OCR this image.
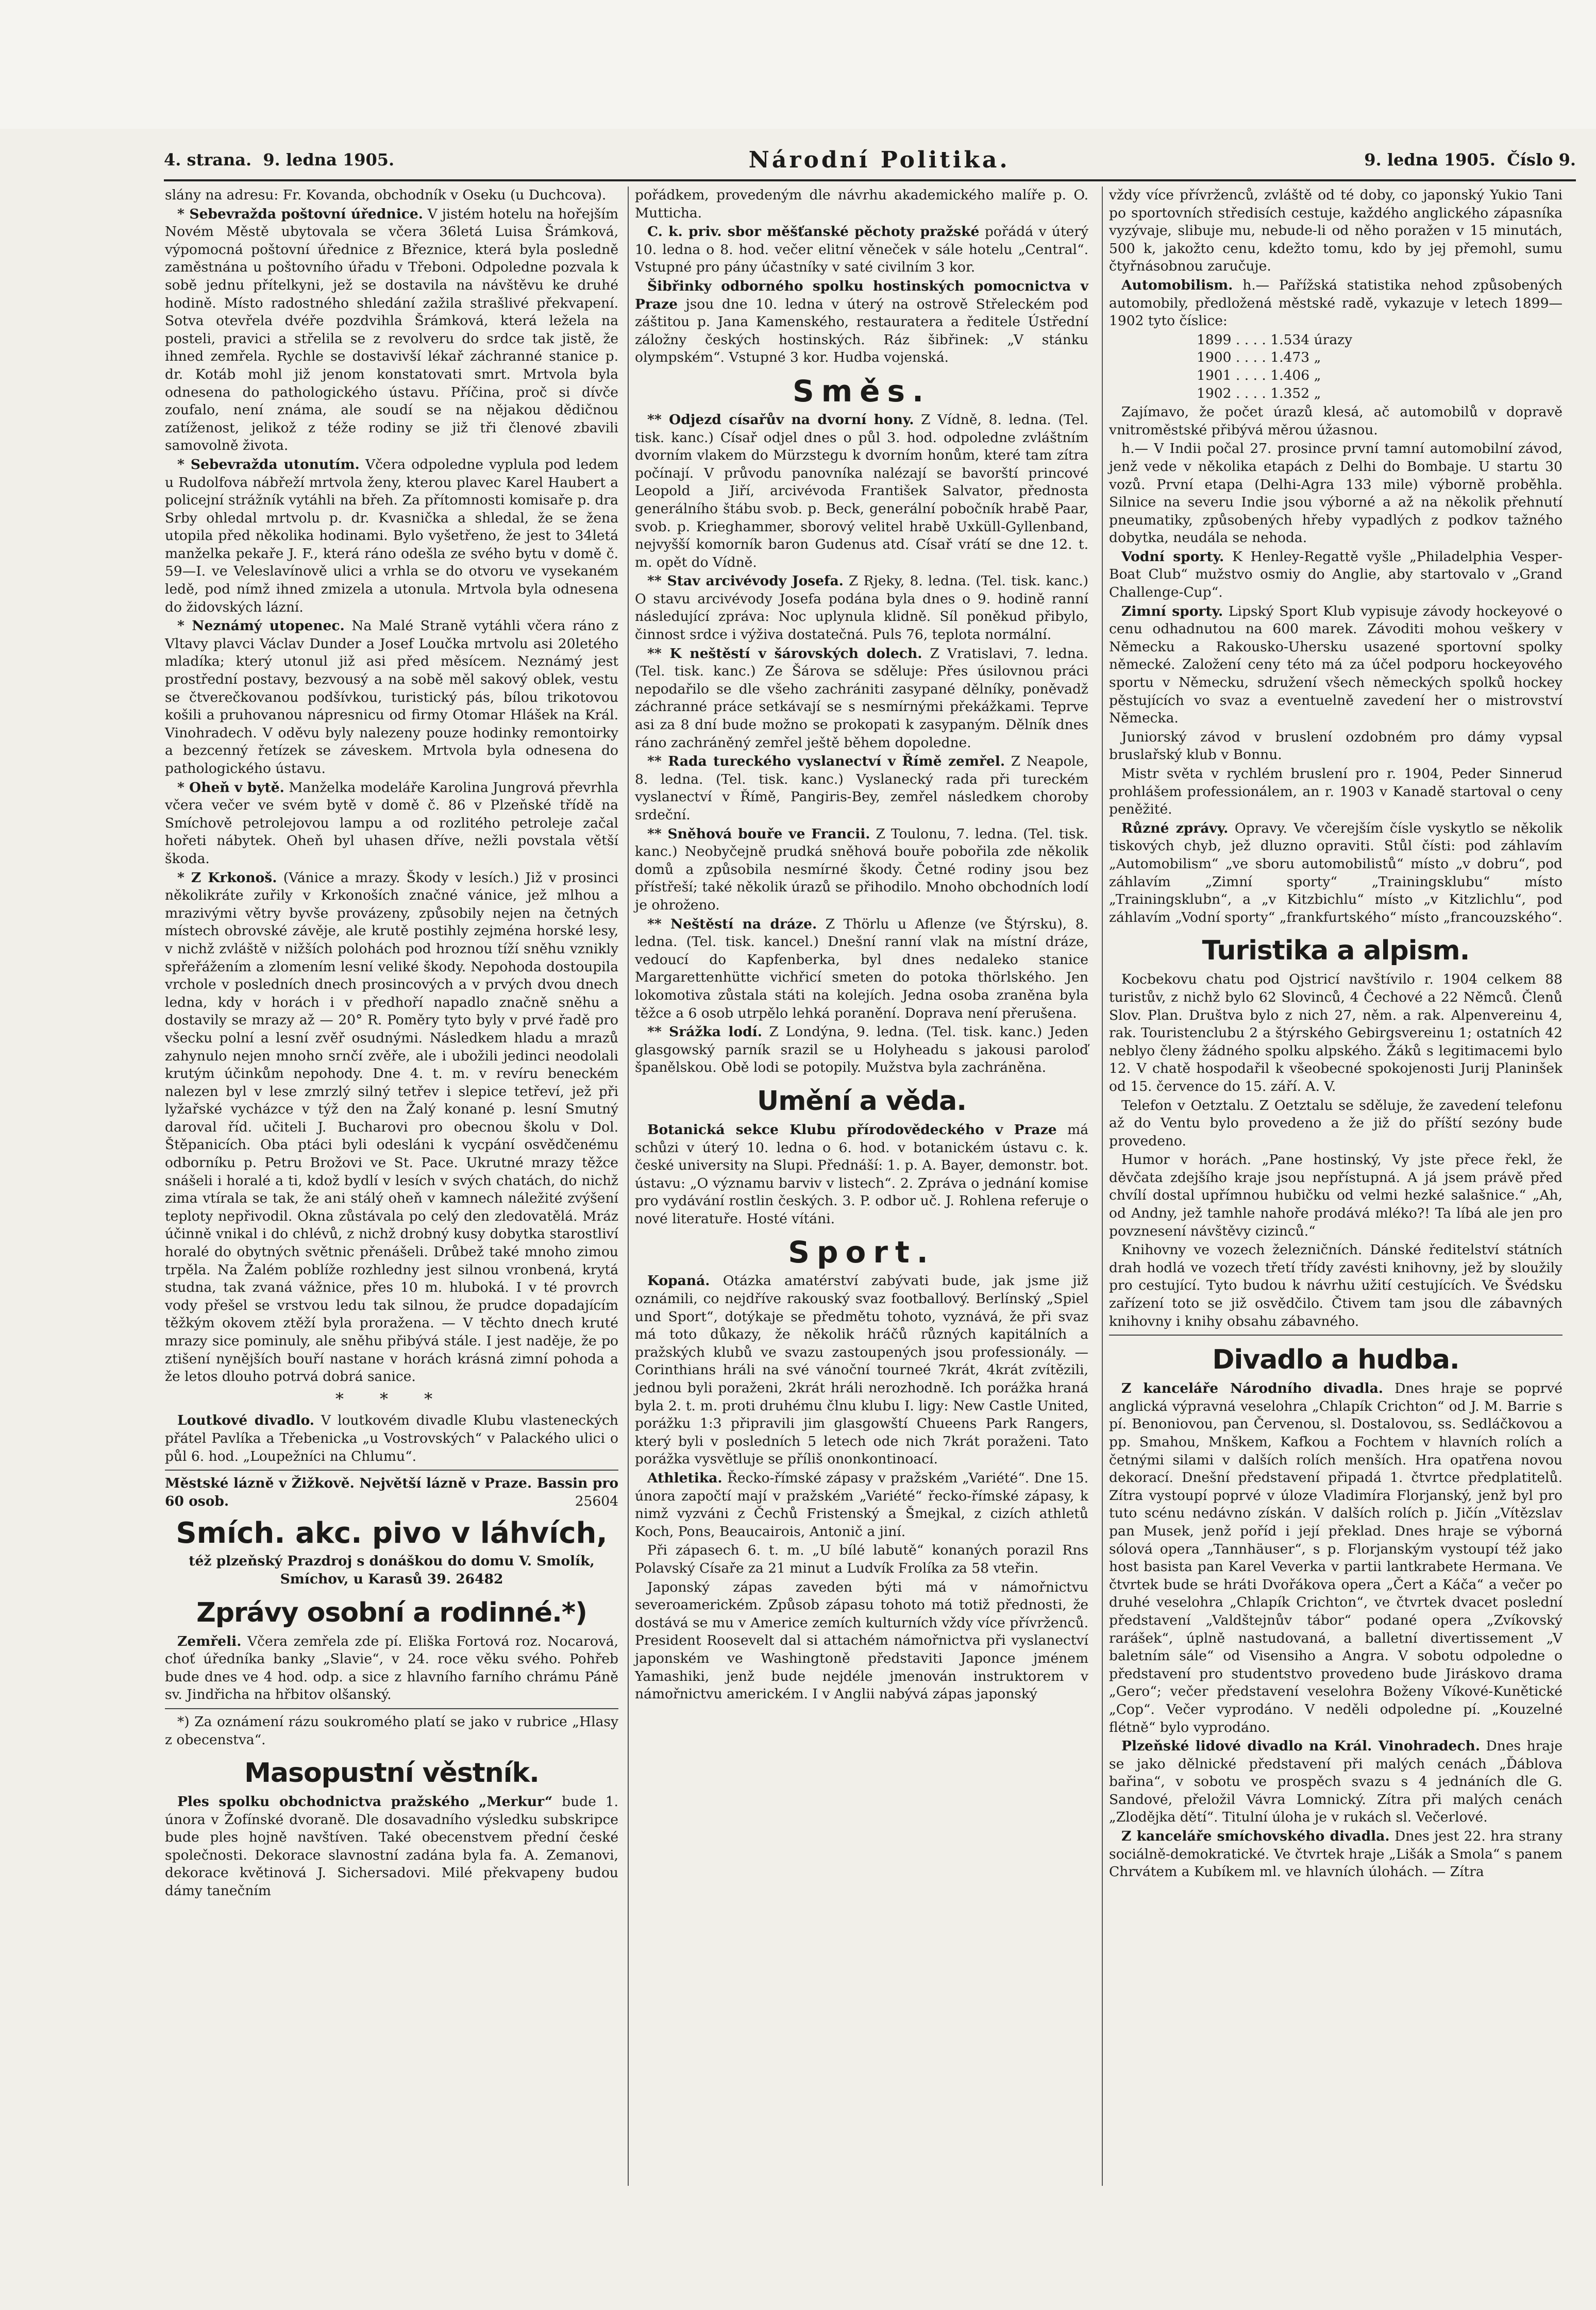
4. strana. 9. ledna 1905.	Národní Politika.	9. ledna 1905. Číslo 9.

slány na adresu: Fr. Kovanda, obchodník v Oseku (u Duchcova).

* Sebevražda poštovní úřednice. V jistém hotelu na hořejším Novém Městě ubytovala se včera 36letá Luisa Šrámková, výpomocná poštovní úřednice z Březnice, která byla posledně zaměstnána u poštovního úřadu v Třeboni. Odpoledne pozvala k sobě jednu přítelkyni, jež se dostavila na návštěvu ke druhé hodině. Místo radostného shledání zažila strašlivé překvapení. Sotva otevřela dvéře pozdvihla Šrámková, která ležela na posteli, pravici a střelila se z revolveru do srdce tak jistě, že ihned zemřela. Rychle se dostavivší lékař záchranné stanice p. dr. Kotáb mohl již jenom konstatovati smrt. Mrtvola byla odnesena do pathologického ústavu. Příčina, proč si dívče zoufalo, není známa, ale soudí se na nějakou dědičnou zatíženost, jelikož z téže rodiny se již tři členové zbavili samovolně života.

* Sebevražda utonutím. Včera odpoledne vyplula pod ledem u Rudolfova nábřeží mrtvola ženy, kterou plavec Karel Haubert a policejní strážník vytáhli na břeh. Za přítomnosti komisaře p. dra Srby ohledal mrtvolu p. dr. Kvasnička a shledal, že se žena utopila před několika hodinami. Bylo vyšetřeno, že jest to 34letá manželka pekaře J. F., která ráno odešla ze svého bytu v domě č. 59—I. ve Veleslavínově ulici a vrhla se do otvoru ve vysekaném ledě, pod nímž ihned zmizela a utonula. Mrtvola byla odnesena do židovských lázní.

* Neznámý utopenec. Na Malé Straně vytáhli včera ráno z Vltavy plavci Václav Dunder a Josef Loučka mrtvolu asi 20letého mladíka; který utonul již asi před měsícem. Neznámý jest prostřední postavy, bezvousý a na sobě měl sakový oblek, vestu se čtverečkovanou podšívkou, turistický pás, bílou trikotovou košili a pruhovanou nápresnicu od firmy Otomar Hlášek na Král. Vinohradech. V oděvu byly nalezeny pouze hodinky remontoirky a bezcenný řetízek se záveskem. Mrtvola byla odnesena do pathologického ústavu.

* Oheň v bytě. Manželka modeláře Karolina Jungrová převrhla včera večer ve svém bytě v domě č. 86 v Plzeňské třídě na Smíchově petrolejovou lampu a od rozlitého petroleje začal hořeti nábytek. Oheň byl uhasen dříve, nežli povstala větší škoda.

* Z Krkonoš. (Vánice a mrazy. Škody v lesích.) Již v prosinci několikráte zuřily v Krkonoších značné vánice, jež mlhou a mrazivými větry byvše provázeny, způsobily nejen na četných místech obrovské závěje, ale krutě postihly zejména horské lesy, v nichž zvláště v nižších polohách pod hroznou tíží sněhu vznikly spřeřážením a zlomením lesní veliké škody. Nepohoda dostoupila vrchole v posledních dnech prosincových a v prvých dvou dnech ledna, kdy v horách i v předhoří napadlo značně sněhu a dostavily se mrazy až — 20° R. Poměry tyto byly v prvé řadě pro všecku polní a lesní zvěř osudnými. Následkem hladu a mrazů zahynulo nejen mnoho srnčí zvěře, ale i ubožili jedinci neodolali krutým účinkům nepohody. Dne 4. t. m. v revíru beneckém nalezen byl v lese zmrzlý silný tetřev i slepice tetřeví, jež při lyžařské vycházce v týž den na Žalý konané p. lesní Smutný daroval říd. učiteli J. Bucharovi pro obecnou školu v Dol. Štěpanicích. Oba ptáci byli odesláni k vycpání osvědčenému odborníku p. Petru Brožovi ve St. Pace. Ukrutné mrazy těžce snášeli i horalé a ti, kdož bydlí v lesích v svých chatách, do nichž zima vtírala se tak, že ani stálý oheň v kamnech náležité zvýšení teploty nepřivodil. Okna zůstávala po celý den zledovatělá. Mráz účinně vnikal i do chlévů, z nichž drobný kusy dobytka starostliví horalé do obytných světnic přenášeli. Drůbež také mnoho zimou trpěla. Na Žalém poblíže rozhledny jest silnou vronbená, krytá studna, tak zvaná vážnice, přes 10 m. hluboká. I v té provrch vody přešel se vrstvou ledu tak silnou, že prudce dopadajícím těžkým okovem ztěží byla proražena. — V těchto dnech kruté mrazy sice pominuly, ale sněhu přibývá stále. I jest naděje, že po ztišení nynějších bouří nastane v horách krásná zimní pohoda a že letos dlouho potrvá dobrá sanice.

* * *

Loutkové divadlo. V loutkovém divadle Klubu vlasteneckých přátel Pavlíka a Třebenicka „u Vostrovských“ v Palackého ulici o půl 6. hod. „Loupežníci na Chlumu“.

Městské lázně v Žižkově. Největší lázně v Praze. Bassin pro 60 osob.	25604

Smích. akc. pivo v láhvích,

též plzeňský Prazdroj s donáškou do domu V. Smolík, Smíchov, u Karasů 39. 26482

Zprávy osobní a rodinné.*)

Zemřeli. Včera zemřela zde pí. Eliška Fortová roz. Nocarová, choť úředníka banky „Slavie“, v 24. roce věku svého. Pohřeb bude dnes ve 4 hod. odp. a sice z hlavního farního chrámu Páně sv. Jindřicha na hřbitov olšanský.

*) Za oznámení rázu soukromého platí se jako v rubrice „Hlasy z obecenstva“.

Masopustní věstník.

Ples spolku obchodnictva pražského „Merkur“ bude 1. února v Žofínské dvoraně. Dle dosavadního výsledku subskripce bude ples hojně navštíven. Také obecenstvem přední české společnosti. Dekorace slavnostní zadána byla fa. A. Zemanovi, dekorace květinová J. Sichersadovi. Milé překvapeny budou dámy tanečním

pořádkem, provedeným dle návrhu akademického malíře p. O. Mutticha.

C. k. priv. sbor měšťanské pěchoty pražské pořádá v úterý 10. ledna o 8. hod. večer elitní věneček v sále hotelu „Central“. Vstupné pro pány účastníky v saté civilním 3 kor.

Šibřinky odborného spolku hostinských pomocnictva v Praze jsou dne 10. ledna v úterý na ostrově Střeleckém pod záštitou p. Jana Kamenského, restauratera a ředitele Ústřední záložny českých hostinských. Ráz šibřinek: „V stánku olympském“. Vstupné 3 kor. Hudba vojenská.

Směs.

** Odjezd císařův na dvorní hony. Z Vídně, 8. ledna. (Tel. tisk. kanc.) Císař odjel dnes o půl 3. hod. odpoledne zvláštním dvorním vlakem do Mürzstegu k dvorním honům, které tam zítra počínají. V průvodu panovníka nalézají se bavorští princové Leopold a Jiří, arcivévoda František Salvator, přednosta generálního štábu svob. p. Beck, generální pobočník hrabě Paar, svob. p. Krieghammer, sborový velitel hrabě Uxküll-Gyllenband, nejvyšší komorník baron Gudenus atd. Císař vrátí se dne 12. t. m. opět do Vídně.

** Stav arcivévody Josefa. Z Rjeky, 8. ledna. (Tel. tisk. kanc.) O stavu arcivévody Josefa podána byla dnes o 9. hodině ranní následující zpráva: Noc uplynula klidně. Síl poněkud přibylo, činnost srdce i výživa dostatečná. Puls 76, teplota normální.

** K neštěstí v šárovských dolech. Z Vratislavi, 7. ledna. (Tel. tisk. kanc.) Ze Šárova se sděluje: Přes úsilovnou práci nepodařilo se dle všeho zachrániti zasypané dělníky, poněvadž záchranné práce setkávají se s nesmírnými překážkami. Teprve asi za 8 dní bude možno se prokopati k zasypaným. Dělník dnes ráno zachráněný zemřel ještě během dopoledne.

** Rada tureckého vyslanectví v Římě zemřel. Z Neapole, 8. ledna. (Tel. tisk. kanc.) Vyslanecký rada při tureckém vyslanectví v Římě, Pangiris-Bey, zemřel následkem choroby srdeční.

** Sněhová bouře ve Francii. Z Toulonu, 7. ledna. (Tel. tisk. kanc.) Neobyčejně prudká sněhová bouře pobořila zde několik domů a způsobila nesmírné škody. Četné rodiny jsou bez přístřeší; také několik úrazů se přihodilo. Mnoho obchodních lodí je ohroženo.

** Neštěstí na dráze. Z Thörlu u Aflenze (ve Štýrsku), 8. ledna. (Tel. tisk. kancel.) Dnešní ranní vlak na místní dráze, vedoucí do Kapfenberka, byl dnes nedaleko stanice Margarettenhütte vichřicí smeten do potoka thörlského. Jen lokomotiva zůstala státi na kolejích. Jedna osoba zraněna byla těžce a 6 osob utrpělo lehká poranění. Doprava není přerušena.

** Srážka lodí. Z Londýna, 9. ledna. (Tel. tisk. kanc.) Jeden glasgowský parník srazil se u Holyheadu s jakousi paroloď španělskou. Obě lodi se potopily. Mužstva byla zachráněna.

Umění a věda.

Botanická sekce Klubu přírodovědeckého v Praze má schůzi v úterý 10. ledna o 6. hod. v botanickém ústavu c. k. české university na Slupi. Přednáší: 1. p. A. Bayer, demonstr. bot. ústavu: „O významu barviv v listech“. 2. Zpráva o jednání komise pro vydávání rostlin českých. 3. P. odbor uč. J. Rohlena referuje o nové literatuře. Hosté vítáni.

Sport.

Kopaná. Otázka amatérství zabývati bude, jak jsme již oznámili, co nejdříve rakouský svaz footballový. Berlínský „Spiel und Sport“, dotýkaje se předmětu tohoto, vyznává, že při svaz má toto důkazy, že několik hráčů různých kapitálních a pražských klubů ve svazu zastoupených jsou professionály. — Corinthians hráli na své vánoční tourneé 7krát, 4krát zvítězili, jednou byli poraženi, 2krát hráli nerozhodně. Ich porážka hraná byla 2. t. m. proti druhému člnu klubu I. ligy: New Castle United, porážku 1:3 připravili jim glasgowští Chueens Park Rangers, který byli v posledních 5 letech ode nich 7krát poraženi. Tato porážka vysvětluje se příliš ononkontinoací.

Athletika. Řecko-římské zápasy v pražském „Variété“. Dne 15. února započtí mají v pražském „Variété“ řecko-římské zápasy, k nimž vyzváni z Čechů Fristenský a Šmejkal, z cizích athletů Koch, Pons, Beaucairois, Antonič a jiní.

Při zápasech 6. t. m. „U bílé labutě“ konaných porazil Rns Polavský Císaře za 21 minut a Ludvík Frolíka za 58 vteřin.

Japonský zápas zaveden býti má v námořnictvu severoamerickém. Způsob zápasu tohoto má totiž přednosti, že dostává se mu v Americe zemích kulturních vždy více přívrženců. President Roosevelt dal si attachém námořnictva při vyslanectví japonském ve Washingtoně představiti Japonce jménem Yamashiki, jenž bude nejdéle jmenován instruktorem v námořnictvu americkém. I v Anglii nabývá zápas japonský

vždy více přívrženců, zvláště od té doby, co japonský Yukio Tani po sportovních středisích cestuje, každého anglického zápasníka vyzývaje, slibuje mu, nebude-li od něho poražen v 15 minutách, 500 k, jakožto cenu, kdežto tomu, kdo by jej přemohl, sumu čtyřnásobnou zaručuje.

Automobilism. h.— Pařížská statistika nehod způsobených automobily, předložená městské radě, vykazuje v letech 1899—1902 tyto číslice:

1899 . . . . 1.534 úrazy
1900 . . . . 1.473 „
1901 . . . . 1.406 „
1902 . . . . 1.352 „

Zajímavo, že počet úrazů klesá, ač automobilů v dopravě vnitroměstské přibývá měrou úžasnou.

h.— V Indii počal 27. prosince první tamní automobilní závod, jenž vede v několika etapách z Delhi do Bombaje. U startu 30 vozů. První etapa (Delhi-Agra 133 mile) výborně proběhla. Silnice na severu Indie jsou výborné a až na několik přehnutí pneumatiky, způsobených hřeby vypadlých z podkov tažného dobytka, neudála se nehoda.

Vodní sporty. K Henley-Regattě vyšle „Philadelphia Vesper-Boat Club“ mužstvo osmiy do Anglie, aby startovalo v „Grand Challenge-Cup“.

Zimní sporty. Lipský Sport Klub vypisuje závody hockeyové o cenu odhadnutou na 600 marek. Závoditi mohou veškery v Německu a Rakousko-Uhersku usazené sportovní spolky německé. Založení ceny této má za účel podporu hockeyového sportu v Německu, sdružení všech německých spolků hockey pěstujících vo svaz a eventuelně zavedení her o mistrovství Německa.

Juniorský závod v bruslení ozdobném pro dámy vypsal bruslařský klub v Bonnu.

Mistr světa v rychlém bruslení pro r. 1904, Peder Sinnerud prohlášem professionálem, an r. 1903 v Kanadě startoval o ceny peněžité.

Různé zprávy. Opravy. Ve včerejším čísle vyskytlo se několik tiskových chyb, jež dluzno opraviti. Stůl čísti: pod záhlavím „Automobilism“ „ve sboru automobilistů“ místo „v dobru“, pod záhlavím „Zimní sporty“ „Trainingsklubu“ místo „Trainingsklubn“, a „v Kitzbichlu“ místo „v Kitzlichlu“, pod záhlavím „Vodní sporty“ „frankfurtského“ místo „francouzského“.

Turistika a alpism.

Kocbekovu chatu pod Ojstricí navštívilo r. 1904 celkem 88 turistův, z nichž bylo 62 Slovinců, 4 Čechové a 22 Němců. Členů Slov. Plan. Društva bylo z nich 27, něm. a rak. Alpenvereinu 4, rak. Touristenclubu 2 a štýrského Gebirgsvereinu 1; ostatních 42 neblyo členy žádného spolku alpského. Žáků s legitimacemi bylo 12. V chatě hospodařil k všeobecné spokojenosti Jurij Planinšek od 15. července do 15. září. A. V.

Telefon v Oetztalu. Z Oetztalu se sděluje, že zavedení telefonu až do Ventu bylo provedeno a že již do příští sezóny bude provedeno.

Humor v horách. „Pane hostinský, Vy jste přece řekl, že děvčata zdejšího kraje jsou nepřístupná. A já jsem právě před chvílí dostal upřímnou hubičku od velmi hezké salašnice.“ „Ah, od Andny, jež tamhle nahoře prodává mléko?! Ta líbá ale jen pro povznesení návštěvy cizinců.“

Knihovny ve vozech železničních. Dánské ředitelství státních drah hodlá ve vozech třetí třídy zavésti knihovny, jež by sloužily pro cestující. Tyto budou k návrhu užití cestujících. Ve Švédsku zařízení toto se již osvědčilo. Čtivem tam jsou dle zábavných knihovny i knihy obsahu zábavného.

Divadlo a hudba.

Z kanceláře Národního divadla. Dnes hraje se poprvé anglická výpravná veselohra „Chlapík Crichton“ od J. M. Barrie s pí. Benoniovou, pan Červenou, sl. Dostalovou, ss. Sedláčkovou a pp. Smahou, Mnškem, Kafkou a Fochtem v hlavních rolích a četnými silami v dalších rolích menších. Hra opatřena novou dekorací. Dnešní představení připadá 1. čtvrtce předplatitelů. Zítra vystoupí poprvé v úloze Vladimíra Florjanský, jenž byl pro tuto scénu nedávno získán. V dalších rolích p. Jičín „Vítězslav pan Musek, jenž poříd i její překlad. Dnes hraje se výborná sólová opera „Tannhäuser“, s p. Florjanským vystoupí též jako host basista pan Karel Veverka v partii lantkrabete Hermana. Ve čtvrtek bude se hráti Dvořákova opera „Čert a Káča“ a večer po druhé veselohra „Chlapík Crichton“, ve čtvrtek dvacet poslední představení „Valdštejnův tábor“ podané opera „Zvíkovský rarášek“, úplně nastudovaná, a balletní divertissement „V baletním sále“ od Visensiho a Angra. V sobotu odpoledne o představení pro studentstvo provedeno bude Jiráskovo drama „Gero“; večer představení veselohra Boženy Víkové-Kunětické „Cop“. Večer vyprodáno. V neděli odpoledne pí. „Kouzelné flétně“ bylo vyprodáno.

Plzeňské lidové divadlo na Král. Vinohradech. Dnes hraje se jako dělnické představení při malých cenách „Ďáblova bařina“, v sobotu ve prospěch svazu s 4 jednáních dle G. Sandové, přeložil Vávra Lomnický. Zítra při malých cenách „Zlodějka dětí“. Titulní úloha je v rukách sl. Večerlové.

Z kanceláře smíchovského divadla. Dnes jest 22. hra strany sociálně-demokratické. Ve čtvrtek hraje „Lišák a Smola“ s panem Chrvátem a Kubíkem ml. ve hlavních úlohách. — Zítra
